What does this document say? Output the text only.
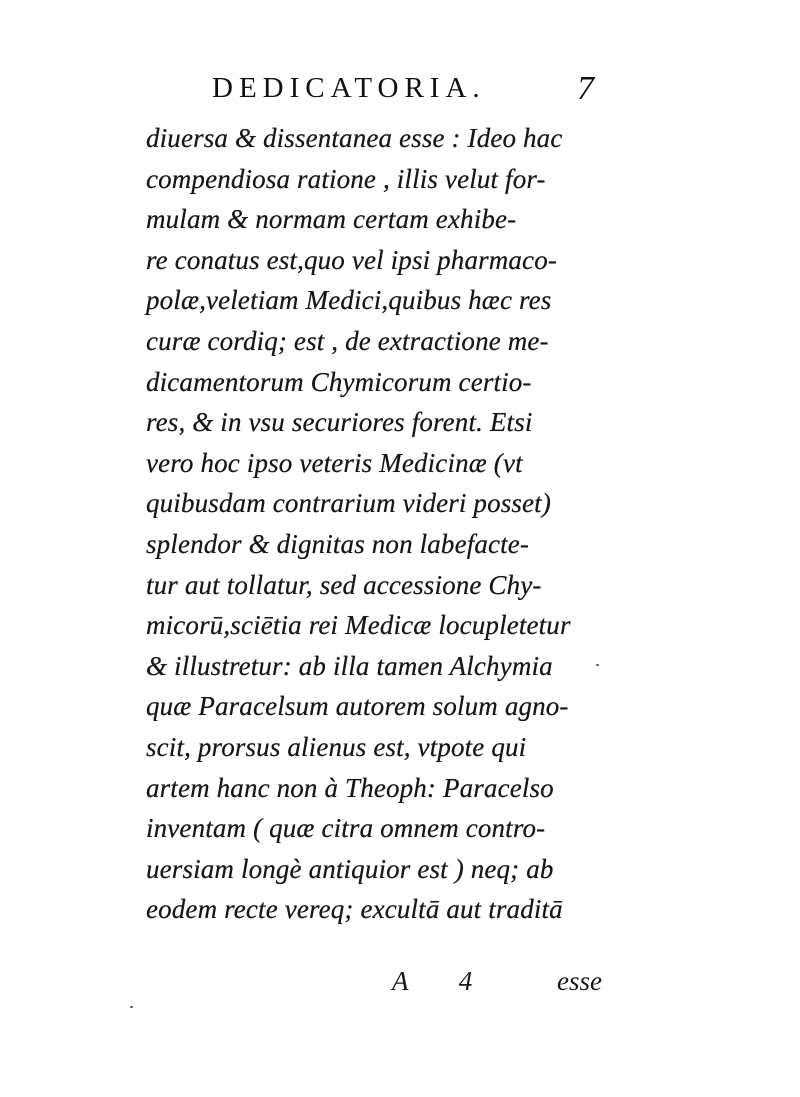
DEDICATORIA.	7
diuersa & dissentanea esse : Ideo hac
compendiosa ratione , illis velut for-
mulam & normam certam exhibe-
re conatus est,quo vel ipsi pharmaco-
polæ,veletiam Medici,quibus hæc res
curæ cordiq; est , de extractione me-
dicamentorum Chymicorum certio-
res, & in vsu securiores forent. Etsi
vero hoc ipso veteris Medicinæ (vt
quibusdam contrarium videri posset)
splendor & dignitas non labefacte-
tur aut tollatur, sed accessione Chy-
micorū,sciētia rei Medicæ locupletetur
& illustretur: ab illa tamen Alchymia
quæ Paracelsum autorem solum agno-
scit, prorsus alienus est, vtpote qui
artem hanc non à Theoph: Paracelso
inventam ( quæ citra omnem contro-
uersiam longè antiquior est ) neq; ab
eodem recte vereq; excultā aut traditā
A 4 esse
